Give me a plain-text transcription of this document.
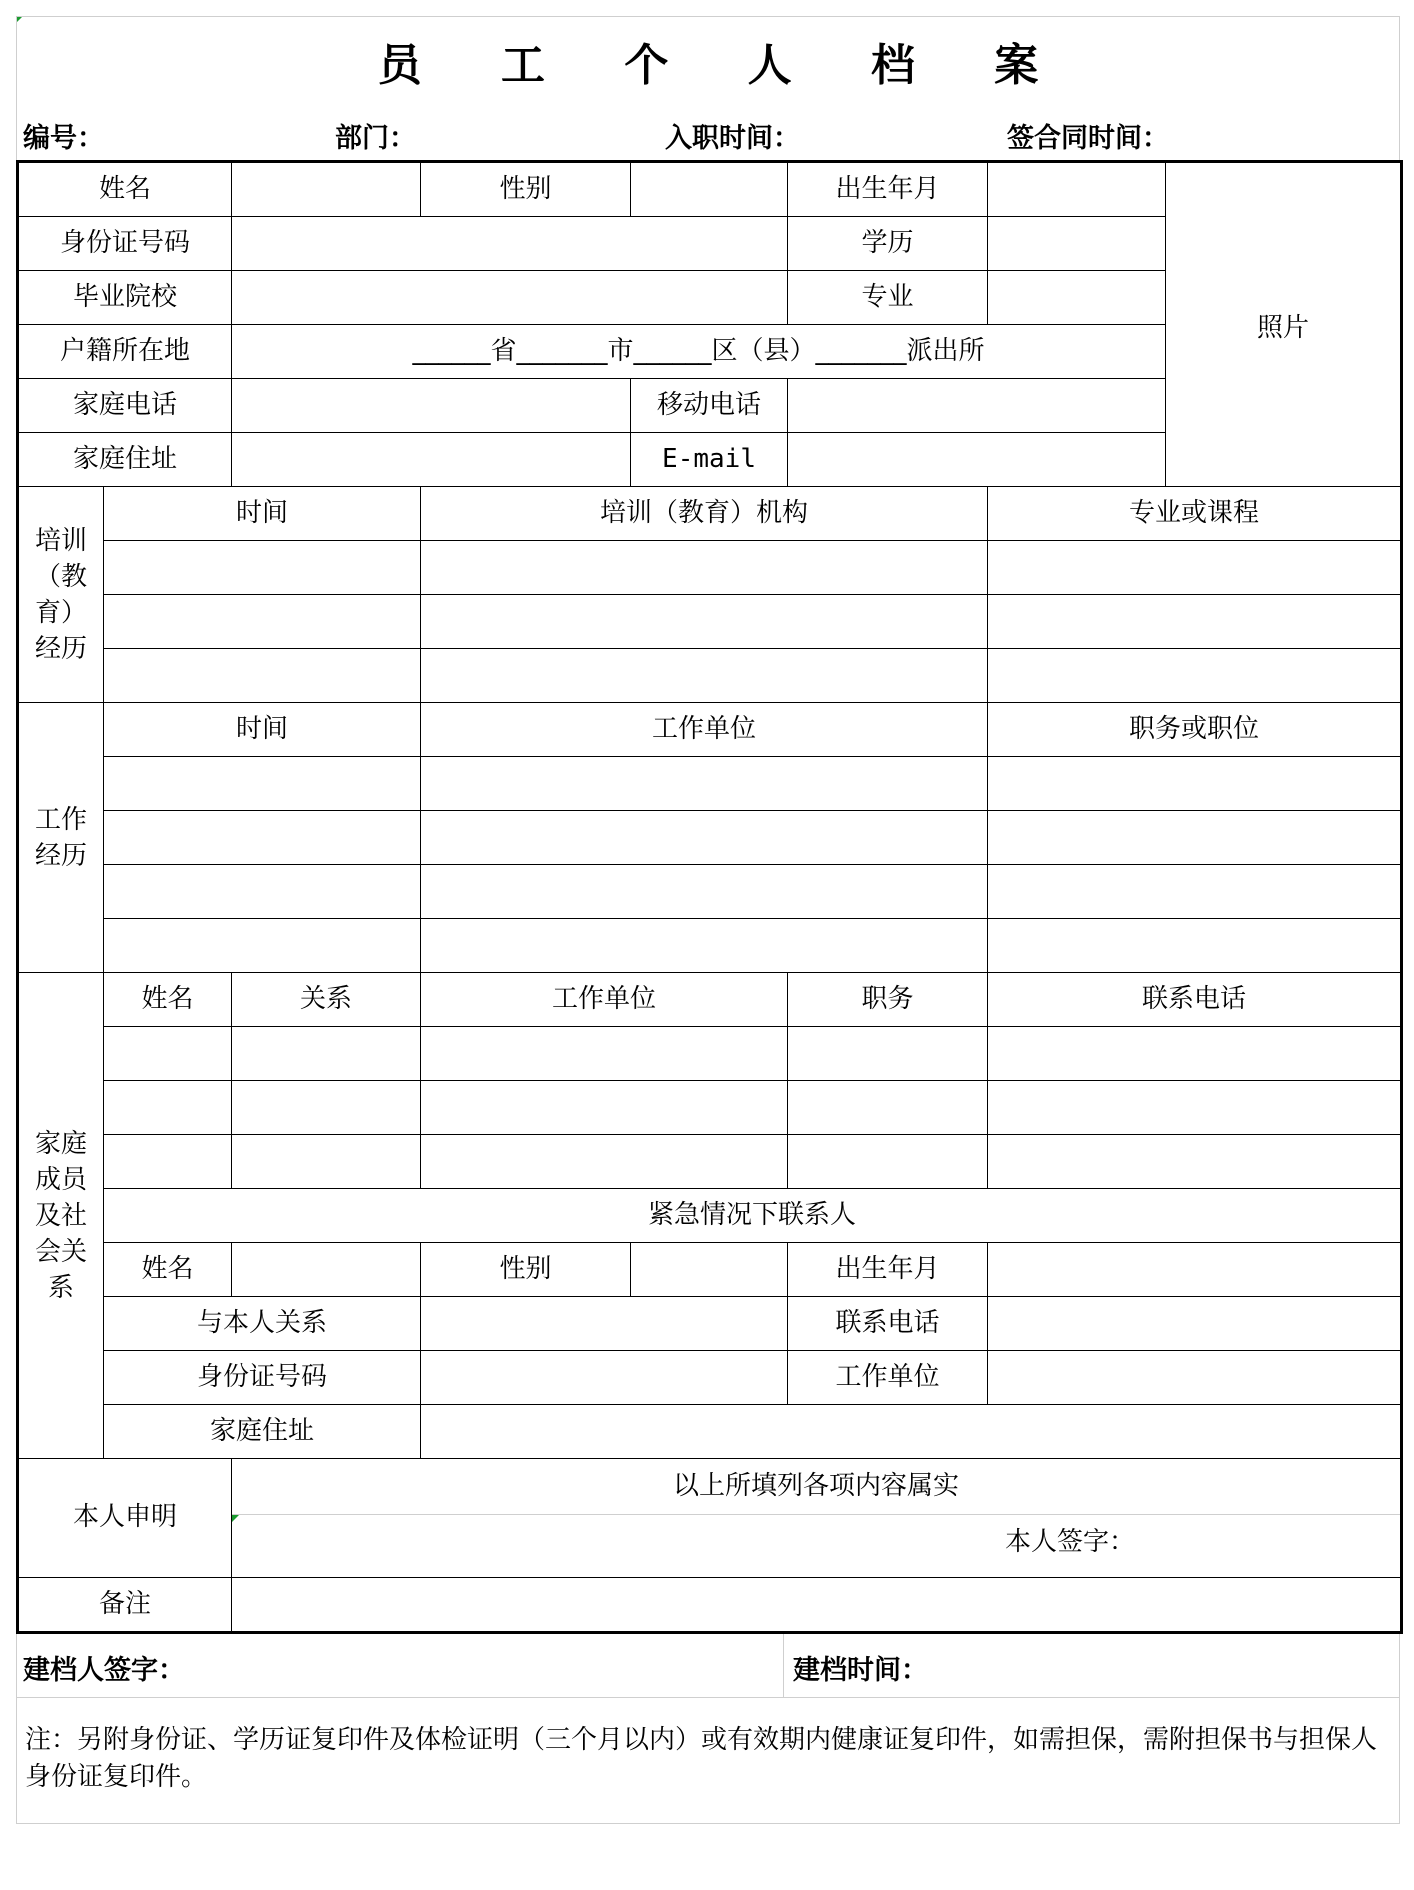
员 工 个 人 档 案
编号：	部门：	入职时间：	签合同时间：
姓名			性别		出生年月		照片
身份证号码					学历		
毕业院校					专业		
户籍所在地		______省_______市______区（县）_______派出所					
家庭电话				移动电话			
家庭住址				E-mail			
培训（教育）经历	时间		培训（教育）机构			专业或课程	

工作经历	时间		工作单位			职务或职位	

家庭成员及社会关系	姓名	关系	工作单位		职务	联系电话	

	紧急情况下联系人						
	姓名		性别		出生年月		
	与本人关系				联系电话		
	身份证号码				工作单位		
	家庭住址						
本人申明		以上所填列各项内容属实
本人签字：					

备注							
建档人签字：	建档时间：
注：另附身份证、学历证复印件及体检证明（三个月以内）或有效期内健康证复印件，如需担保，需附担保书与担保人身份证复印件。
